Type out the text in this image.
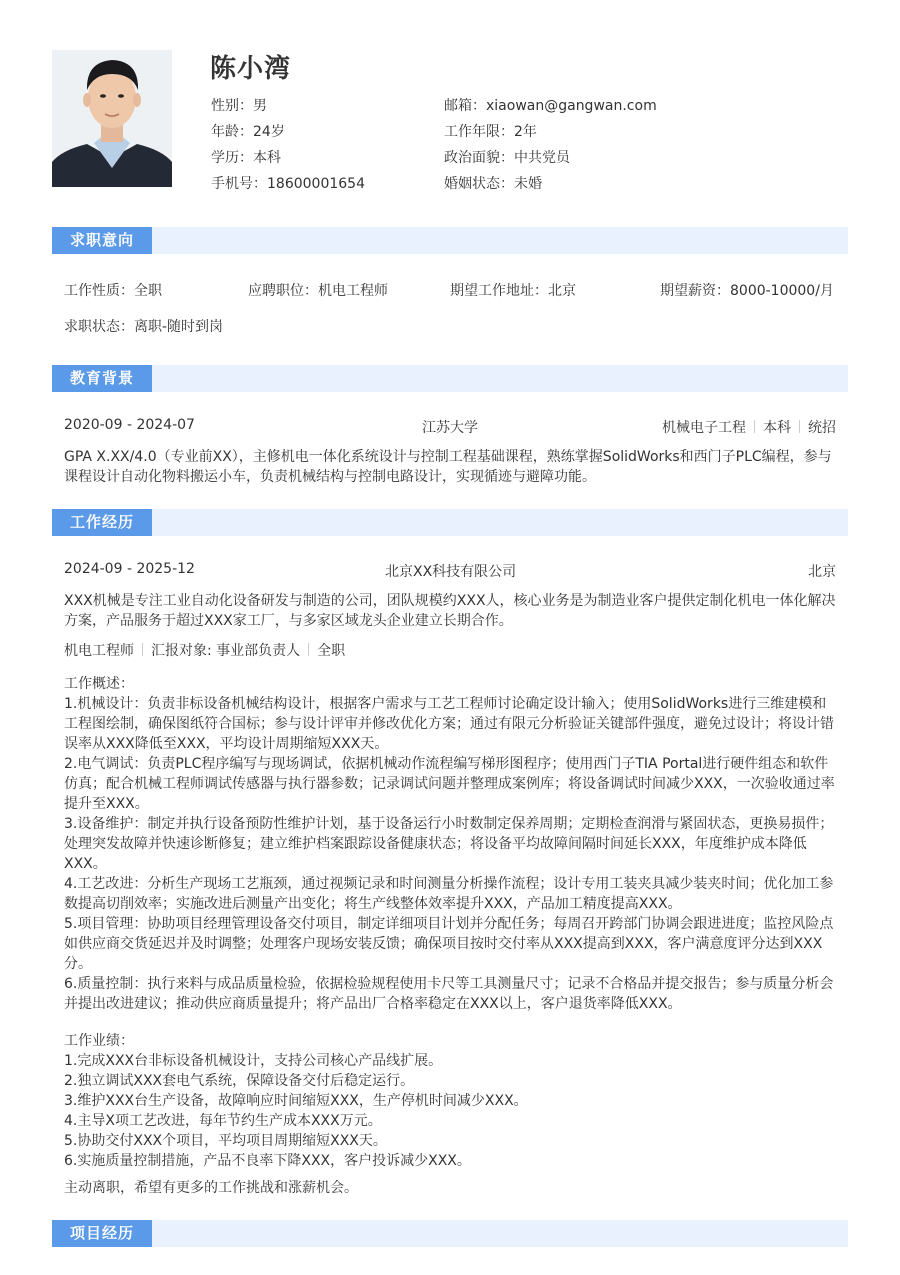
陈小湾
性别：男	邮箱：xiaowan@gangwan.com
年龄：24岁	工作年限：2年
学历：本科	政治面貌：中共党员
手机号：18600001654	婚姻状态：未婚
求职意向
工作性质：全职	应聘职位：机电工程师	期望工作地址：北京	期望薪资：8000-10000/月
求职状态：离职-随时到岗
教育背景
2020-09 - 2024-07	江苏大学	机械电子工程 本科 统招
GPA X.XX/4.0（专业前XX），主修机电一体化系统设计与控制工程基础课程，熟练掌握SolidWorks和西门子PLC编程，参与课程设计自动化物料搬运小车，负责机械结构与控制电路设计，实现循迹与避障功能。
工作经历
2024-09 - 2025-12	北京XX科技有限公司	北京
XXX机械是专注工业自动化设备研发与制造的公司，团队规模约XXX人，核心业务是为制造业客户提供定制化机电一体化解决方案，产品服务于超过XXX家工厂，与多家区域龙头企业建立长期合作。
机电工程师 汇报对象: 事业部负责人 全职
工作概述：
1.机械设计：负责非标设备机械结构设计，根据客户需求与工艺工程师讨论确定设计输入；使用SolidWorks进行三维建模和工程图绘制，确保图纸符合国标；参与设计评审并修改优化方案；通过有限元分析验证关键部件强度，避免过设计；将设计错误率从XXX降低至XXX，平均设计周期缩短XXX天。
2.电气调试：负责PLC程序编写与现场调试，依据机械动作流程编写梯形图程序；使用西门子TIA Portal进行硬件组态和软件仿真；配合机械工程师调试传感器与执行器参数；记录调试问题并整理成案例库；将设备调试时间减少XXX，一次验收通过率提升至XXX。
3.设备维护：制定并执行设备预防性维护计划，基于设备运行小时数制定保养周期；定期检查润滑与紧固状态，更换易损件；处理突发故障并快速诊断修复；建立维护档案跟踪设备健康状态；将设备平均故障间隔时间延长XXX，年度维护成本降低XXX。
4.工艺改进：分析生产现场工艺瓶颈，通过视频记录和时间测量分析操作流程；设计专用工装夹具减少装夹时间；优化加工参数提高切削效率；实施改进后测量产出变化；将生产线整体效率提升XXX，产品加工精度提高XXX。
5.项目管理：协助项目经理管理设备交付项目，制定详细项目计划并分配任务；每周召开跨部门协调会跟进进度；监控风险点如供应商交货延迟并及时调整；处理客户现场安装反馈；确保项目按时交付率从XXX提高到XXX，客户满意度评分达到XXX分。
6.质量控制：执行来料与成品质量检验，依据检验规程使用卡尺等工具测量尺寸；记录不合格品并提交报告；参与质量分析会并提出改进建议；推动供应商质量提升；将产品出厂合格率稳定在XXX以上，客户退货率降低XXX。
工作业绩：
1.完成XXX台非标设备机械设计，支持公司核心产品线扩展。
2.独立调试XXX套电气系统，保障设备交付后稳定运行。
3.维护XXX台生产设备，故障响应时间缩短XXX，生产停机时间减少XXX。
4.主导X项工艺改进，每年节约生产成本XXX万元。
5.协助交付XXX个项目，平均项目周期缩短XXX天。
6.实施质量控制措施，产品不良率下降XXX，客户投诉减少XXX。
主动离职，希望有更多的工作挑战和涨薪机会。
项目经历
